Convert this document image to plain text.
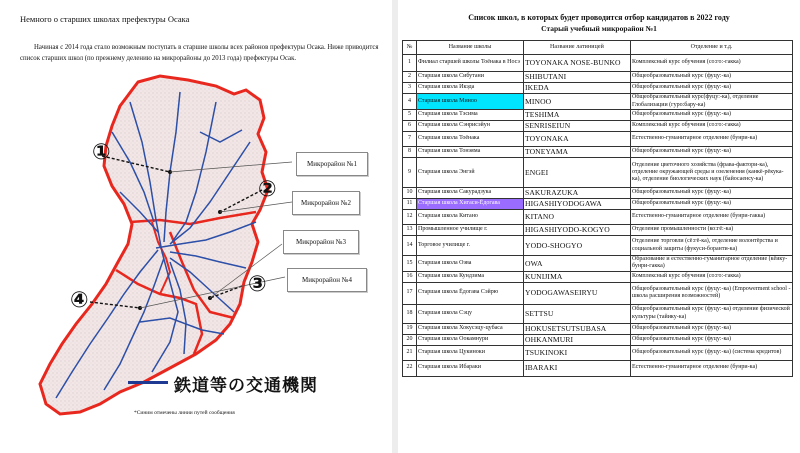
Немного о старших школах префектуры Осака
Начиная с 2014 года стало возможным поступать в старшие школы всех районов префектуры Осака. Ниже приводится список старших школ (по прежнему делению на микрорайоны до 2013 года) префектуры Осак.
①
②
③
④
Микрорайон №1
Микрорайон №2
Микрорайон №3
Микрорайон №4
鉄道等の交通機関
*Синим отмечены линии путей сообщения
Список школ, в которых будет проводится отбор кандидатов в 2022 году
Старый учебный микрорайон №1
№	Название школы	Название латиницей	Отделение и т.д.
1	Филиал старшей школы Тоёнака в Носэ	TOYONAKA NOSE-BUNKO	Комплексный курс обучения (со:го:-гакка)
2	Старшая школа Сибутани	SHIBUTANI	Общеобразовательный курс (фуцу:-ка)
3	Старшая школа Икэда	IKEDA	Общеобразовательный курс (фуцу:-ка)
4	Старшая школа Миноо	MINOO	Общеобразовательный курс(фуцу:-ка), отделение Глобализации (гуро:бару-ка)
5	Старшая школа Тэсима	TESHIMA	Общеобразовательный курс (фуцу:-ка)
6	Старшая школа Сэнрисэйун	SENRISEIUN	Комплексный курс обучения (со:го:-гакка)
7	Старшая школа Тоёнака	TOYONAKA	Естественно-гуманитарное отделение (бунри-ка)
8	Старшая школа Тонэяма	TONEYAMA	Общеобразовательный курс (фуцу:-ка)
9	Старшая школа Энгэй	ENGEI	Отделение цветочного хозяйства (фрава-фактори-ка), отделение окружающей среды и озеленения (канкё-рёкука-ка), отделение биологических наук (байосаенсу-ка)
10	Старшая школа Сакурадзука	SAKURAZUKA	Общеобразовательный курс (фуцу:-ка)
11	Старшая школа Хигаси-Ёдогава	HIGASHIYODOGAWA	Общеобразовательный курс (фуцу:-ка)
12	Старшая школа Китано	KITANO	Естественно-гуманитарное отделение (бунри-гакка)
13	Промышленное училище г.	HIGASHIYODO-KOGYO	Отделение промышленности (ко:гё:-ка)
14	Торговое училище г.	YODO-SHOGYO	Отделение торговли (сё:гё-ка), отделение волонтёрства и социальной защиты (фукуси-боранти-ка)
15	Старшая школа Оэва	OWA	Образование и естественно-гуманитарное отделение (кёику-бунри-гакка)
16	Старшая школа Кундзима	KUNIJIMA	Комплексный курс обучения (со:го:-гакка)
17	Старшая школа Ёдогава Сэйрю	YODOGAWASEIRYU	Общеобразовательный курс (фуцу:-ка) (Empowerment school - школа расширения возможностей)
18	Старшая школа Сэцу	SETTSU	Общеобразовательный курс (фуцу:-ка) отделение физической культуры (тайику-ка)
19	Старшая школа Хокусэцу-цубаса	HOKUSETSUTSUBASA	Общеобразовательный курс (фуцу:-ка)
20	Старшая школа Оокамнури	OHKANMURI	Общеобразовательный курс (фуцу:-ка)
21	Старшая школа Цукиноки	TSUKINOKI	Общеобразовательный курс (фуцу:-ка) (система кредитов)
22	Старшая школа Ибараки	IBARAKI	Естественно-гуманитарное отделение (бунри-ка)
